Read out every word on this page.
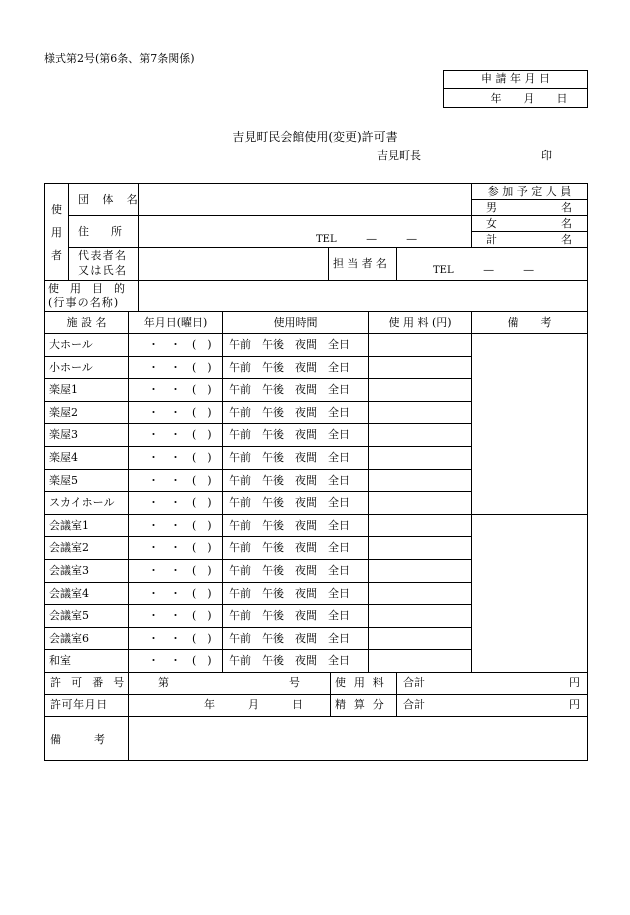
様式第2号(第6条、第7条関係)
申 請 年 月 日
年　　月　　日
吉見町民会館使用(変更)許可書
吉見町長	印
使
用
者
団 体 名
住　　所
TEL　　　―　　　―
代表者名
又は氏名
担当者名
TEL　　　―　　　―
参 加 予 定 人 員
男	名
女	名
計	名
使　用　目　的
(行事の名称)
施 設 名	年月日(曜日)	使用時間	使 用 料 (円)	備　　考
大ホール	・　・　(　) 午前　午後　夜間　全日
小ホール	・　・　(　) 午前　午後　夜間　全日
楽屋1	・　・　(　) 午前　午後　夜間　全日
楽屋2	・　・　(　) 午前　午後　夜間　全日
楽屋3	・　・　(　) 午前　午後　夜間　全日
楽屋4	・　・　(　) 午前　午後　夜間　全日
楽屋5	・　・　(　) 午前　午後　夜間　全日
スカイホール	・　・　(　) 午前　午後　夜間　全日
会議室1	・　・　(　) 午前　午後　夜間　全日
会議室2	・　・　(　) 午前　午後　夜間　全日
会議室3	・　・　(　) 午前　午後　夜間　全日
会議室4	・　・　(　) 午前　午後　夜間　全日
会議室5	・　・　(　) 午前　午後　夜間　全日
会議室6	・　・　(　) 午前　午後　夜間　全日
和室	・　・　(　) 午前　午後　夜間　全日
許 可 番 号	第	号	使 用 料 合計	円
許可年月日	年　　　月　　　日	精 算 分 合計	円
備　　　考
